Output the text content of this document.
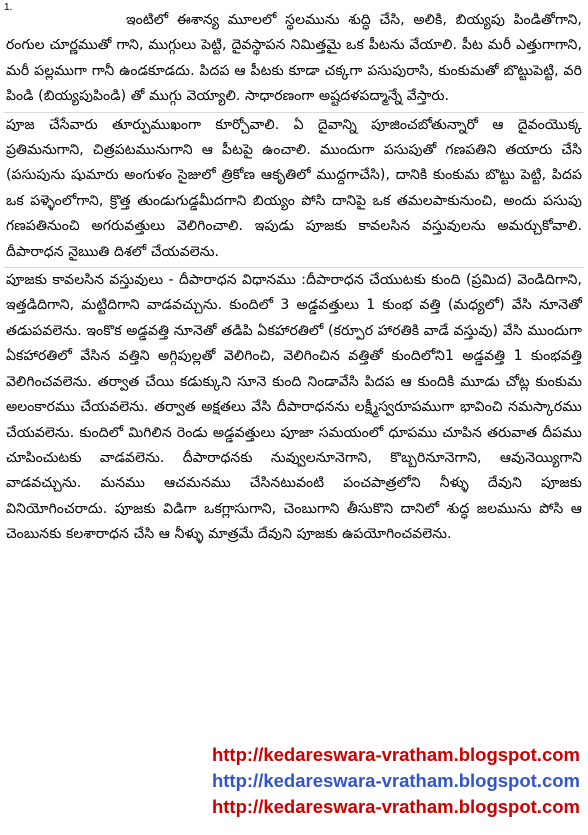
1.

ఇంటిలో ఈశాన్య మూలలో స్థలమును శుద్ధి చేసి, అలికి, బియ్యపు పిండితోగాని, రంగుల చూర్ణముతో గాని, ముగ్గులు పెట్టి, దైవస్థాపన నిమిత్తమై ఒక పీటను వేయాలి. పీట మరీ ఎత్తుగాగాని, మరీ పల్లముగా గానీ ఉండకూడదు. పిదప ఆ పీటకు కూడా చక్కగా పసుపురాసి, కుంకుమతో బొట్టుపెట్టి, వరి పిండి (బియ్యపుపిండి) తో ముగ్గు వెయ్యాలి. సాధారణంగా అష్టదళపద్మాన్నే వేస్తారు.

పూజ చేసేవారు తూర్పుముఖంగా కూర్చోవాలి. ఏ దైవాన్ని పూజించబోతున్నారో ఆ దైవంయొక్క ప్రతిమనుగాని, చిత్రపటమునుగాని ఆ పీటపై ఉంచాలి. ముందుగా పసుపుతో గణపతిని తయారు చేసి (పసుపును షుమారు అంగుళం సైజులో త్రికోణ ఆకృతిలో ముద్దగాచేసి), దానికి కుంకుమ బొట్టు పెట్టి, పిదప ఒక పళ్ళెంలోగాని, క్రొత్త తుండుగుడ్డమీదగాని బియ్యం పోసి దానిపై ఒక తమలపాకునుంచి, అందు పసుపు గణపతినుంచి అగరువత్తులు వెలిగించాలి. ఇపుడు పూజకు కావలసిన వస్తువులను అమర్చుకోవాలి. దీపారాధన నైఋతి దిశలో చేయవలెను.

పూజకు కావలసిన వస్తువులు - దీపారాధన విధానము :దీపారాధన చేయుటకు కుంది (ప్రమిద) వెండిదిగాని, ఇత్తడిదిగాని, మట్టిదిగాని వాడవచ్చును. కుందిలో 3 అడ్డవత్తులు 1 కుంభ వత్తి (మధ్యలో) వేసి నూనెతో తడుపవలెను. ఇంకొక అడ్డవత్తి నూనెతో తడిపి ఏకహారతిలో (కర్పూర హారతికి వాడే వస్తువు) వేసి ముందుగా ఏకహారతిలో వేసిన వత్తిని అగ్గిపుల్లతో వెలిగించి, వెలిగించిన వత్తితో కుందిలోని1 అడ్డవత్తి 1 కుంభవత్తి వెలిగించవలెను. తర్వాత చేయి కడుక్కుని సూనె కుంది నిండావేసి పిదప ఆ కుందికి మూడు చోట్ల కుంకుమ అలంకారము చేయవలెను. తర్వాత అక్షతలు వేసి దీపారాధనను లక్ష్మీస్వరూపముగా భావించి నమస్కారము చేయవలెను. కుందిలో మిగిలిన రెండు అడ్డవత్తులు పూజా సమయంలో ధూపము చూపిన తరువాత దీపము చూపించుటకు వాడవలెను. దీపారాధనకు నువ్వులనూనెగాని, కొబ్బరినూనెగాని, ఆవునెయ్యిగాని వాడవచ్చును. మనము ఆచమనము చేసినటువంటి పంచపాత్రలోని నీళ్ళు దేవుని పూజకు వినియోగించరాదు. పూజకు విడిగా ఒకగ్లాసుగాని, చెంబుగాని తీసుకొని దానిలో శుద్ధ జలమును పోసి ఆ చెంబునకు కలశారాధన చేసి ఆ నీళ్ళు మాత్రమే దేవుని పూజకు ఉపయోగించవలెను.

http://kedareswara-vratham.blogspot.com
http://kedareswara-vratham.blogspot.com
http://kedareswara-vratham.blogspot.com
